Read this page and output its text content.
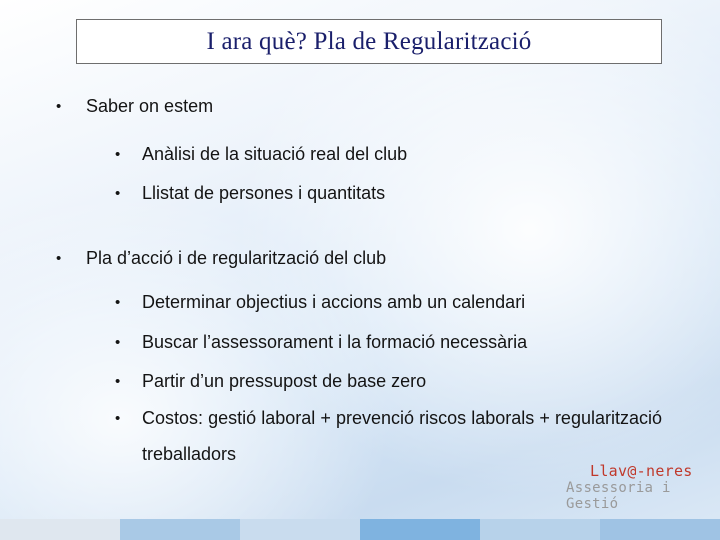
I ara què? Pla de Regularització
• Saber on estem
• Anàlisi de la situació real del club
• Llistat de persones i quantitats
• Pla d’acció i de regularització del club
• Determinar objectius i accions amb un calendari
• Buscar l’assessorament i la formació necessària
• Partir d’un pressupost de base zero
• Costos: gestió laboral + prevenció riscos laborals + regularització treballadors
Llav@-neres
Assessoria i Gestió
